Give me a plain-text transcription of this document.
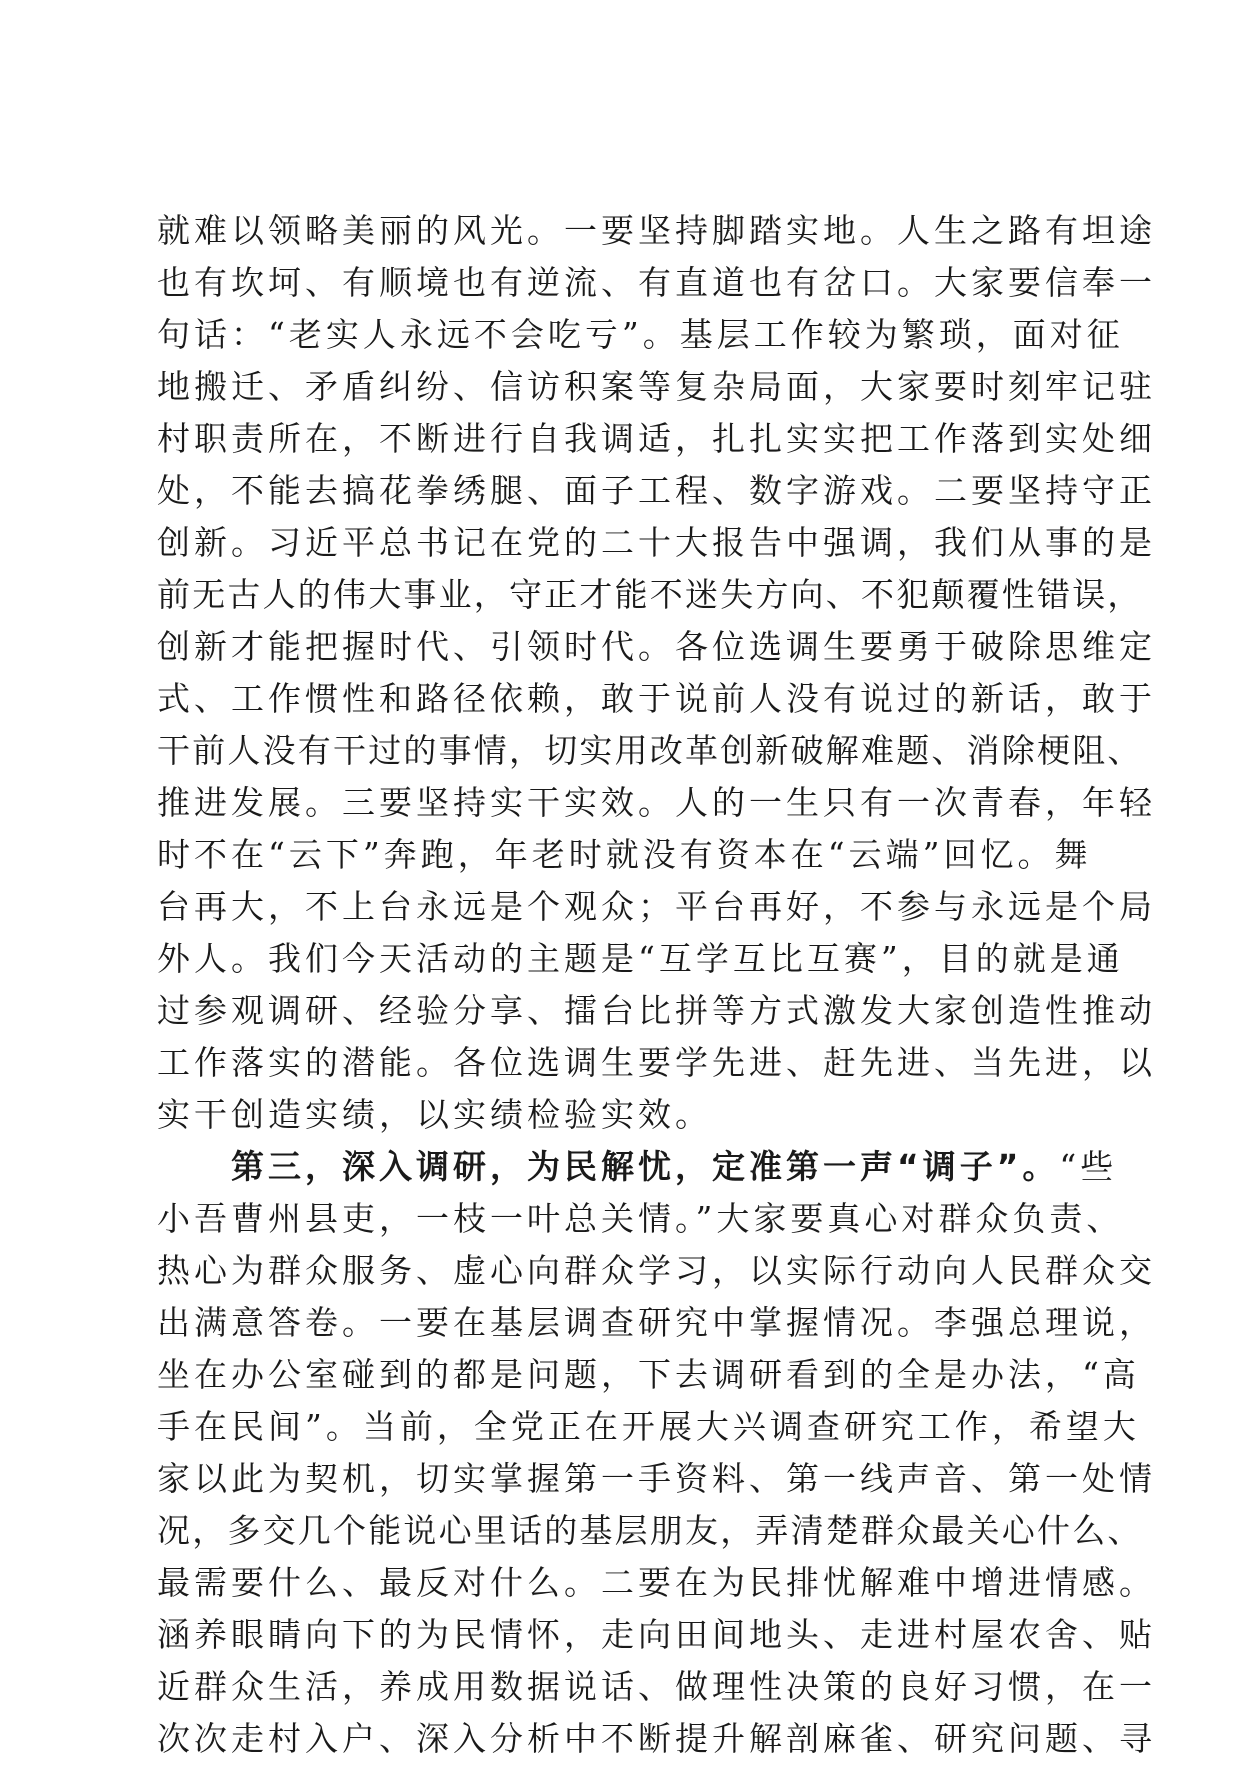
就难以领略美丽的风光。一要坚持脚踏实地。人生之路有坦途
也有坎坷、有顺境也有逆流、有直道也有岔口。大家要信奉一
句话：“老实人永远不会吃亏”。基层工作较为繁琐，面对征
地搬迁、矛盾纠纷、信访积案等复杂局面，大家要时刻牢记驻
村职责所在，不断进行自我调适，扎扎实实把工作落到实处细
处，不能去搞花拳绣腿、面子工程、数字游戏。二要坚持守正
创新。习近平总书记在党的二十大报告中强调，我们从事的是
前无古人的伟大事业，守正才能不迷失方向、不犯颠覆性错误，
创新才能把握时代、引领时代。各位选调生要勇于破除思维定
式、工作惯性和路径依赖，敢于说前人没有说过的新话，敢于
干前人没有干过的事情，切实用改革创新破解难题、消除梗阻、
推进发展。三要坚持实干实效。人的一生只有一次青春，年轻
时不在“云下”奔跑，年老时就没有资本在“云端”回忆。舞
台再大，不上台永远是个观众；平台再好，不参与永远是个局
外人。我们今天活动的主题是“互学互比互赛”，目的就是通
过参观调研、经验分享、擂台比拼等方式激发大家创造性推动
工作落实的潜能。各位选调生要学先进、赶先进、当先进，以
实干创造实绩，以实绩检验实效。
第三，深入调研，为民解忧，定准第一声“调子”。“些
小吾曹州县吏，一枝一叶总关情。”大家要真心对群众负责、
热心为群众服务、虚心向群众学习，以实际行动向人民群众交
出满意答卷。一要在基层调查研究中掌握情况。李强总理说，
坐在办公室碰到的都是问题，下去调研看到的全是办法，“高
手在民间”。当前，全党正在开展大兴调查研究工作，希望大
家以此为契机，切实掌握第一手资料、第一线声音、第一处情
况，多交几个能说心里话的基层朋友，弄清楚群众最关心什么、
最需要什么、最反对什么。二要在为民排忧解难中增进情感。
涵养眼睛向下的为民情怀，走向田间地头、走进村屋农舍、贴
近群众生活，养成用数据说话、做理性决策的良好习惯，在一
次次走村入户、深入分析中不断提升解剖麻雀、研究问题、寻
